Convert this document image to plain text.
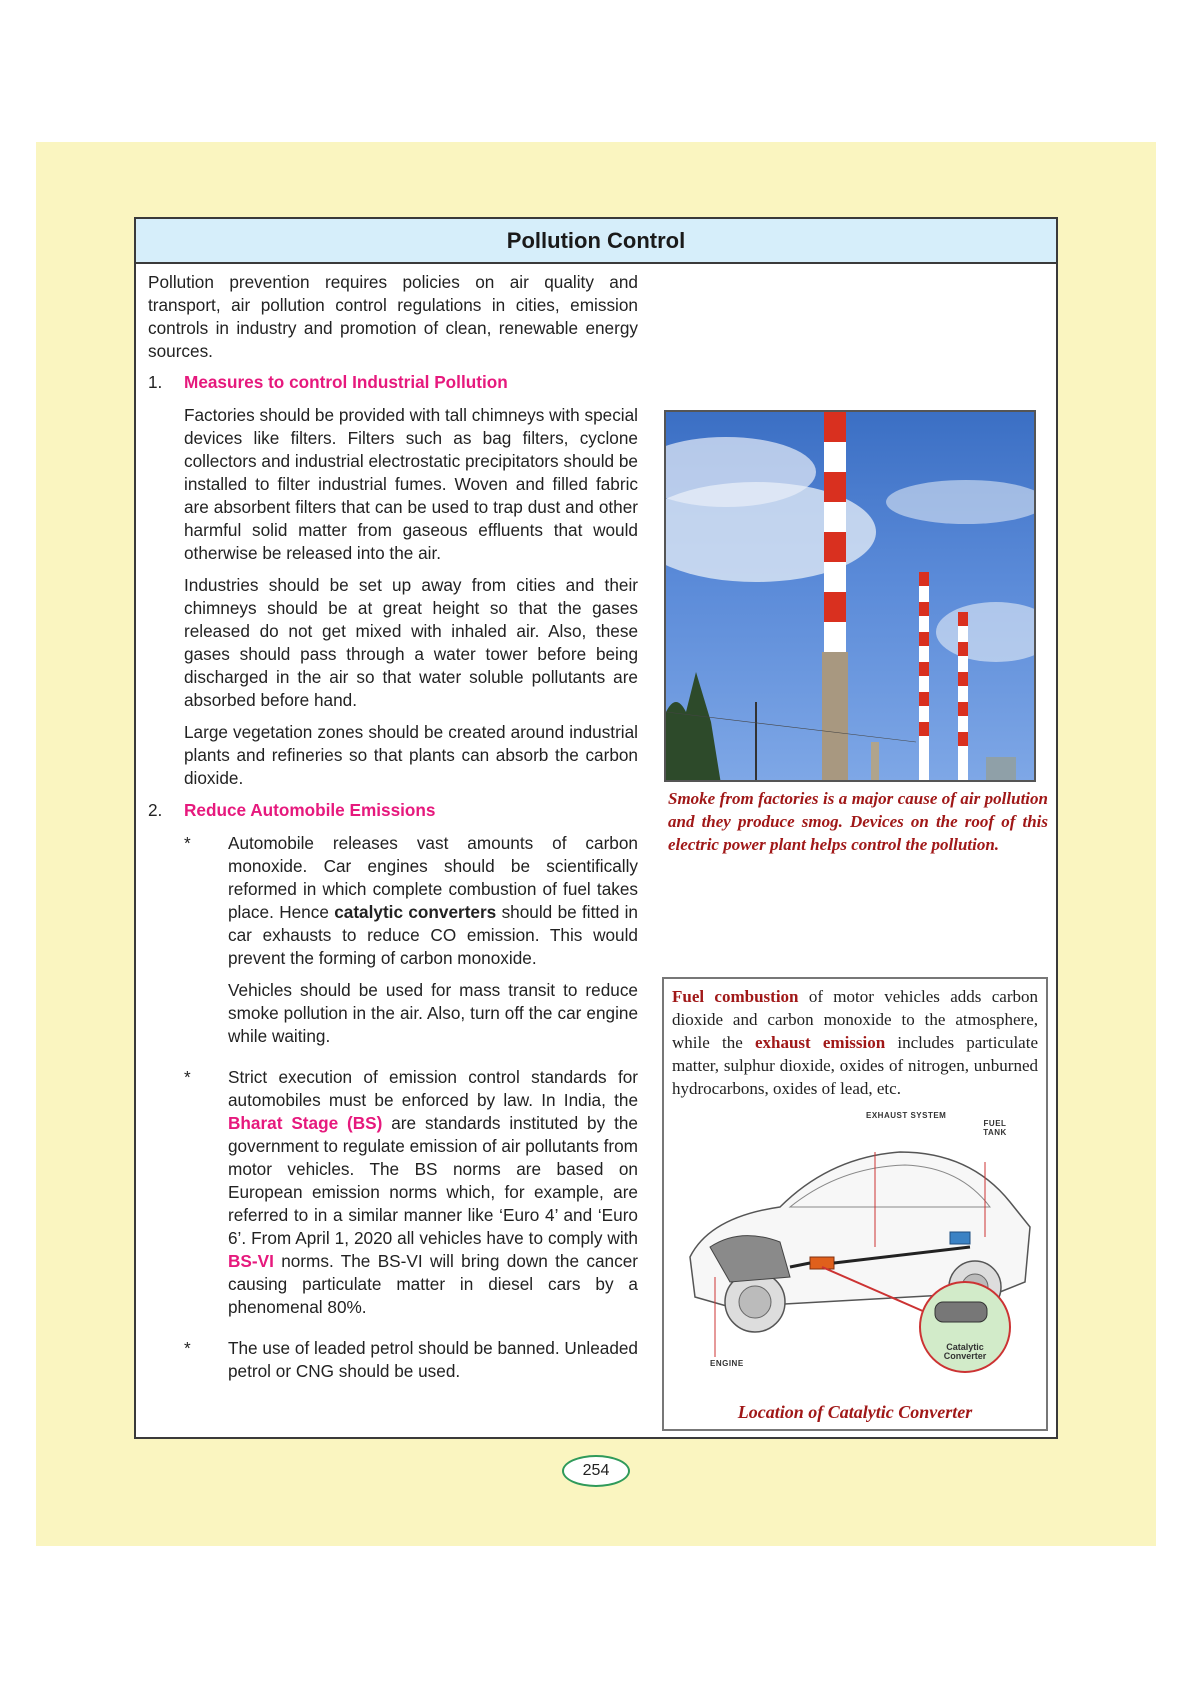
Pollution Control

Pollution prevention requires policies on air quality and transport, air pollution control regulations in cities, emission controls in industry and promotion of clean, renewable energy sources.

1.	Measures to control Industrial Pollution

Factories should be provided with tall chimneys with special devices like filters. Filters such as bag filters, cyclone collectors and industrial electrostatic precipitators should be installed to filter industrial fumes. Woven and filled fabric are absorbent filters that can be used to trap dust and other harmful solid matter from gaseous effluents that would otherwise be released into the air.

Industries should be set up away from cities and their chimneys should be at great height so that the gases released do not get mixed with inhaled air. Also, these gases should pass through a water tower before being discharged in the air so that water soluble pollutants are absorbed before hand.

Large vegetation zones should be created around industrial plants and refineries so that plants can absorb the carbon dioxide.

2.	Reduce Automobile Emissions
*	Automobile releases vast amounts of carbon monoxide. Car engines should be scientifically reformed in which complete combustion of fuel takes place. Hence catalytic converters should be fitted in car exhausts to reduce CO emission. This would prevent the forming of carbon monoxide.

Vehicles should be used for mass transit to reduce smoke pollution in the air. Also, turn off the car engine while waiting.

*	Strict execution of emission control standards for automobiles must be enforced by law. In India, the Bharat Stage (BS) are standards instituted by the government to regulate emission of air pollutants from motor vehicles. The BS norms are based on European emission norms which, for example, are referred to in a similar manner like ‘Euro 4’ and ‘Euro 6’. From April 1, 2020 all vehicles have to comply with BS-VI norms. The BS-VI will bring down the cancer causing particulate matter in diesel cars by a phenomenal 80%.

*	The use of leaded petrol should be banned. Unleaded petrol or CNG should be used.

Smoke from factories is a major cause of air pollution and they produce smog. Devices on the roof of this electric power plant helps control the pollution.
Fuel combustion of motor vehicles adds carbon dioxide and carbon monoxide to the atmosphere, while the exhaust emission includes particulate matter, sulphur dioxide, oxides of nitrogen, unburned hydrocarbons, oxides of lead, etc.
EXHAUST SYSTEM
FUEL TANK
ENGINE
Catalytic Converter
Location of Catalytic Converter
254
